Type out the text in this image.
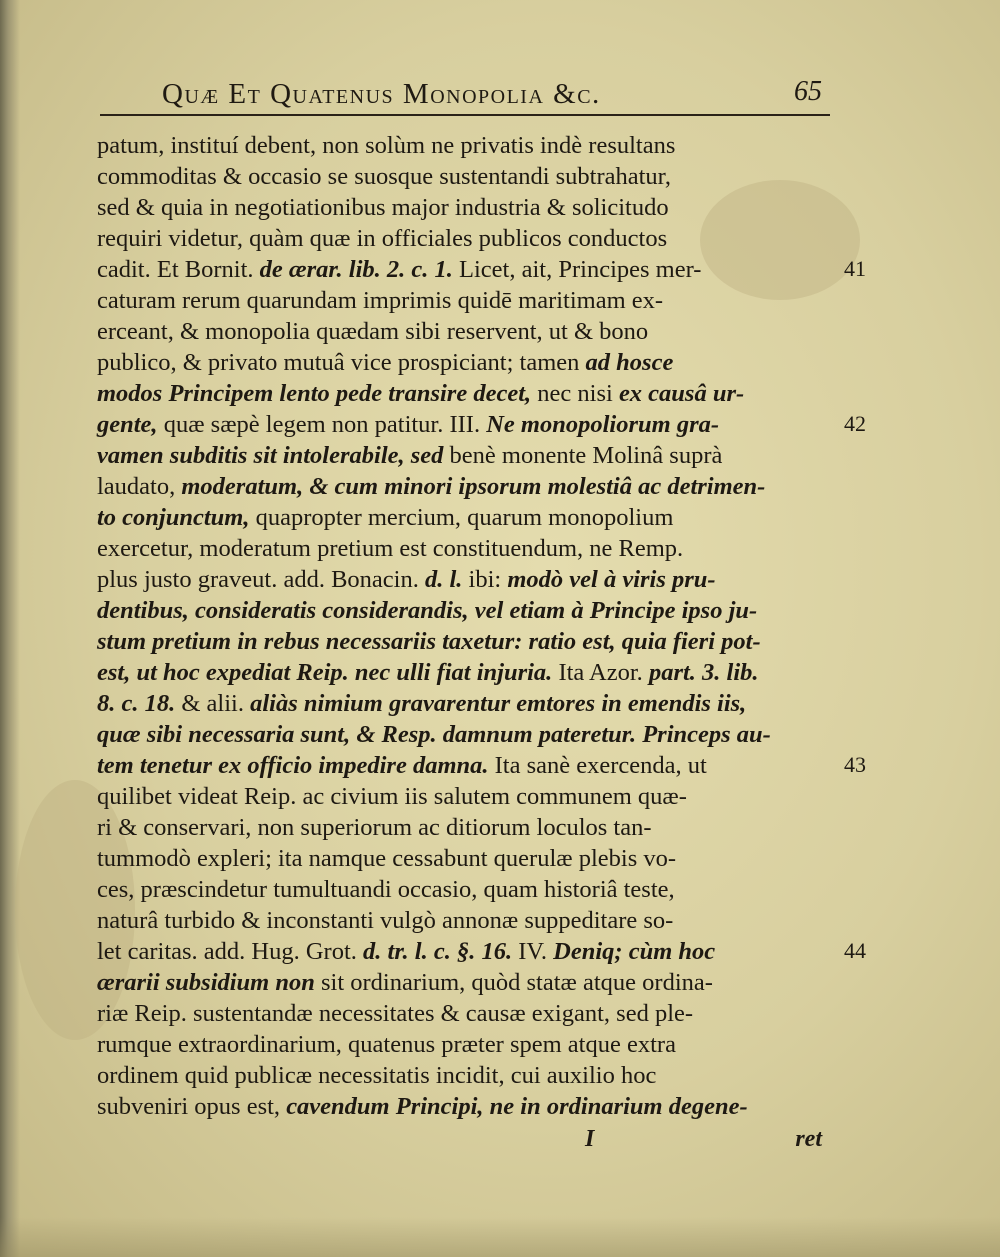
Quæ Et Quatenus Monopolia &c.	65
patum, instituí debent, non solùm ne privatis indè resultans
commoditas & occasio se suosque sustentandi subtrahatur,
sed & quia in negotiationibus major industria & solicitudo
requiri videtur, quàm quæ in officiales publicos conductos
cadit. Et Bornit. de ærar. lib. 2. c. 1. Licet, ait, Principes mer-
caturam rerum quarundam imprimis quidē maritimam ex-
erceant, & monopolia quædam sibi reservent, ut & bono
publico, & privato mutuâ vice prospiciant; tamen ad hosce
modos Principem lento pede transire decet, nec nisi ex causâ ur-
gente, quæ sæpè legem non patitur. III. Ne monopoliorum gra-
vamen subditis sit intolerabile, sed benè monente Molinâ suprà
laudato, moderatum, & cum minori ipsorum molestiâ ac detrimen-
to conjunctum, quapropter mercium, quarum monopolium
exercetur, moderatum pretium est constituendum, ne Remp.
plus justo graveut. add. Bonacin. d. l. ibi: modò vel à viris pru-
dentibus, consideratis considerandis, vel etiam à Principe ipso ju-
stum pretium in rebus necessariis taxetur: ratio est, quia fieri pot-
est, ut hoc expediat Reip. nec ulli fiat injuria. Ita Azor. part. 3. lib.
8. c. 18. & alii. aliàs nimium gravarentur emtores in emendis iis,
quæ sibi necessaria sunt, & Resp. damnum pateretur. Princeps au-
tem tenetur ex officio impedire damna. Ita sanè exercenda, ut
quilibet videat Reip. ac civium iis salutem communem quæ-
ri & conservari, non superiorum ac ditiorum loculos tan-
tummodò expleri; ita namque cessabunt querulæ plebis vo-
ces, præscindetur tumultuandi occasio, quam historiâ teste,
naturâ turbido & inconstanti vulgò annonæ suppeditare so-
let caritas. add. Hug. Grot. d. tr. l. c. §. 16. IV. Deniq; cùm hoc
ærarii subsidium non sit ordinarium, quòd statæ atque ordina-
riæ Reip. sustentandæ necessitates & causæ exigant, sed ple-
rumque extraordinarium, quatenus præter spem atque extra
ordinem quid publicæ necessitatis incidit, cui auxilio hoc
subveniri opus est, cavendum Principi, ne in ordinarium degene-
41
42
43
44
I	ret
